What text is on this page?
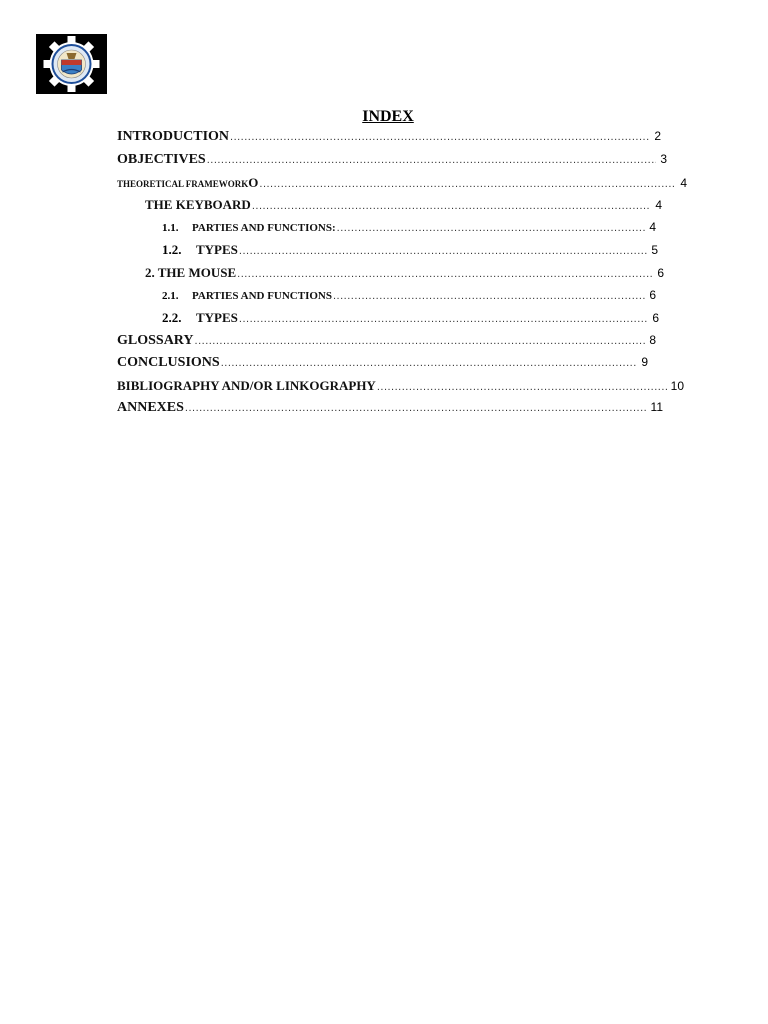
INDEX
INTRODUCTION .....	2
OBJECTIVES .....	3
THEORETICAL FRAMEWORKO .....	4
THE KEYBOARD .....	4
1.1.	PARTIES AND FUNCTIONS: .....	4
1.2.	TYPES .....	5
2. THE MOUSE .....	6
2.1.	PARTIES AND FUNCTIONS .....	6
2.2.	TYPES .....	6
GLOSSARY .....	8
CONCLUSIONS .....	9
BIBLIOGRAPHY AND/OR LINKOGRAPHY .....	10
ANNEXES .....	11
